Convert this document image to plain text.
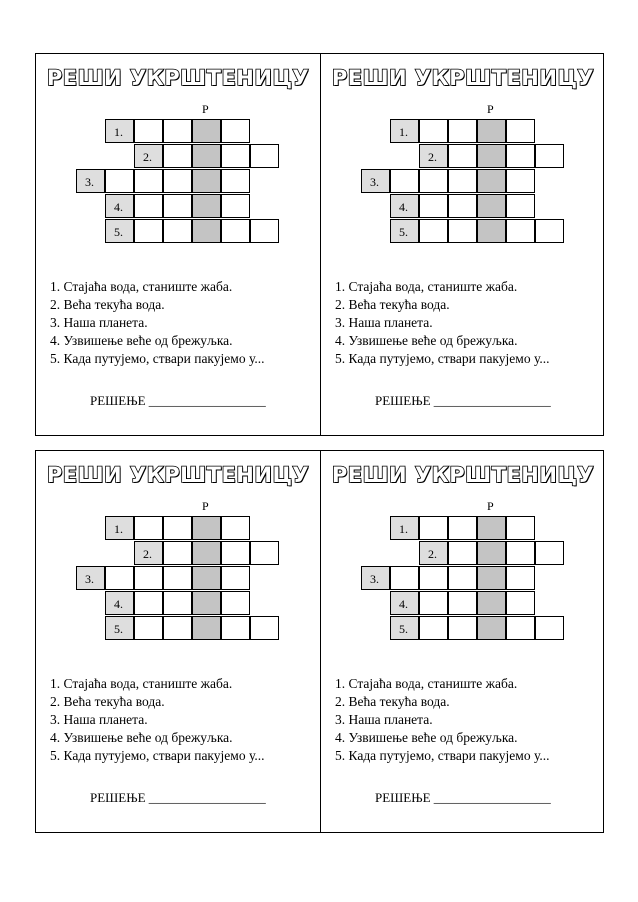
РЕШИ УКРШТЕНИЦУ
Р
1.
2.
3.
4.
5.
1. Стајаћа вода, станиште жаба.
2. Већа текућа вода.
3. Наша планета.
4. Узвишење веће од брежуљка.
5. Када путујемо, ствари пакујемо у...
РЕШЕЊЕ __________________
РЕШИ УКРШТЕНИЦУ
Р
1.
2.
3.
4.
5.
1. Стајаћа вода, станиште жаба.
2. Већа текућа вода.
3. Наша планета.
4. Узвишење веће од брежуљка.
5. Када путујемо, ствари пакујемо у...
РЕШЕЊЕ __________________
РЕШИ УКРШТЕНИЦУ
Р
1.
2.
3.
4.
5.
1. Стајаћа вода, станиште жаба.
2. Већа текућа вода.
3. Наша планета.
4. Узвишење веће од брежуљка.
5. Када путујемо, ствари пакујемо у...
РЕШЕЊЕ __________________
РЕШИ УКРШТЕНИЦУ
Р
1.
2.
3.
4.
5.
1. Стајаћа вода, станиште жаба.
2. Већа текућа вода.
3. Наша планета.
4. Узвишење веће од брежуљка.
5. Када путујемо, ствари пакујемо у...
РЕШЕЊЕ __________________
